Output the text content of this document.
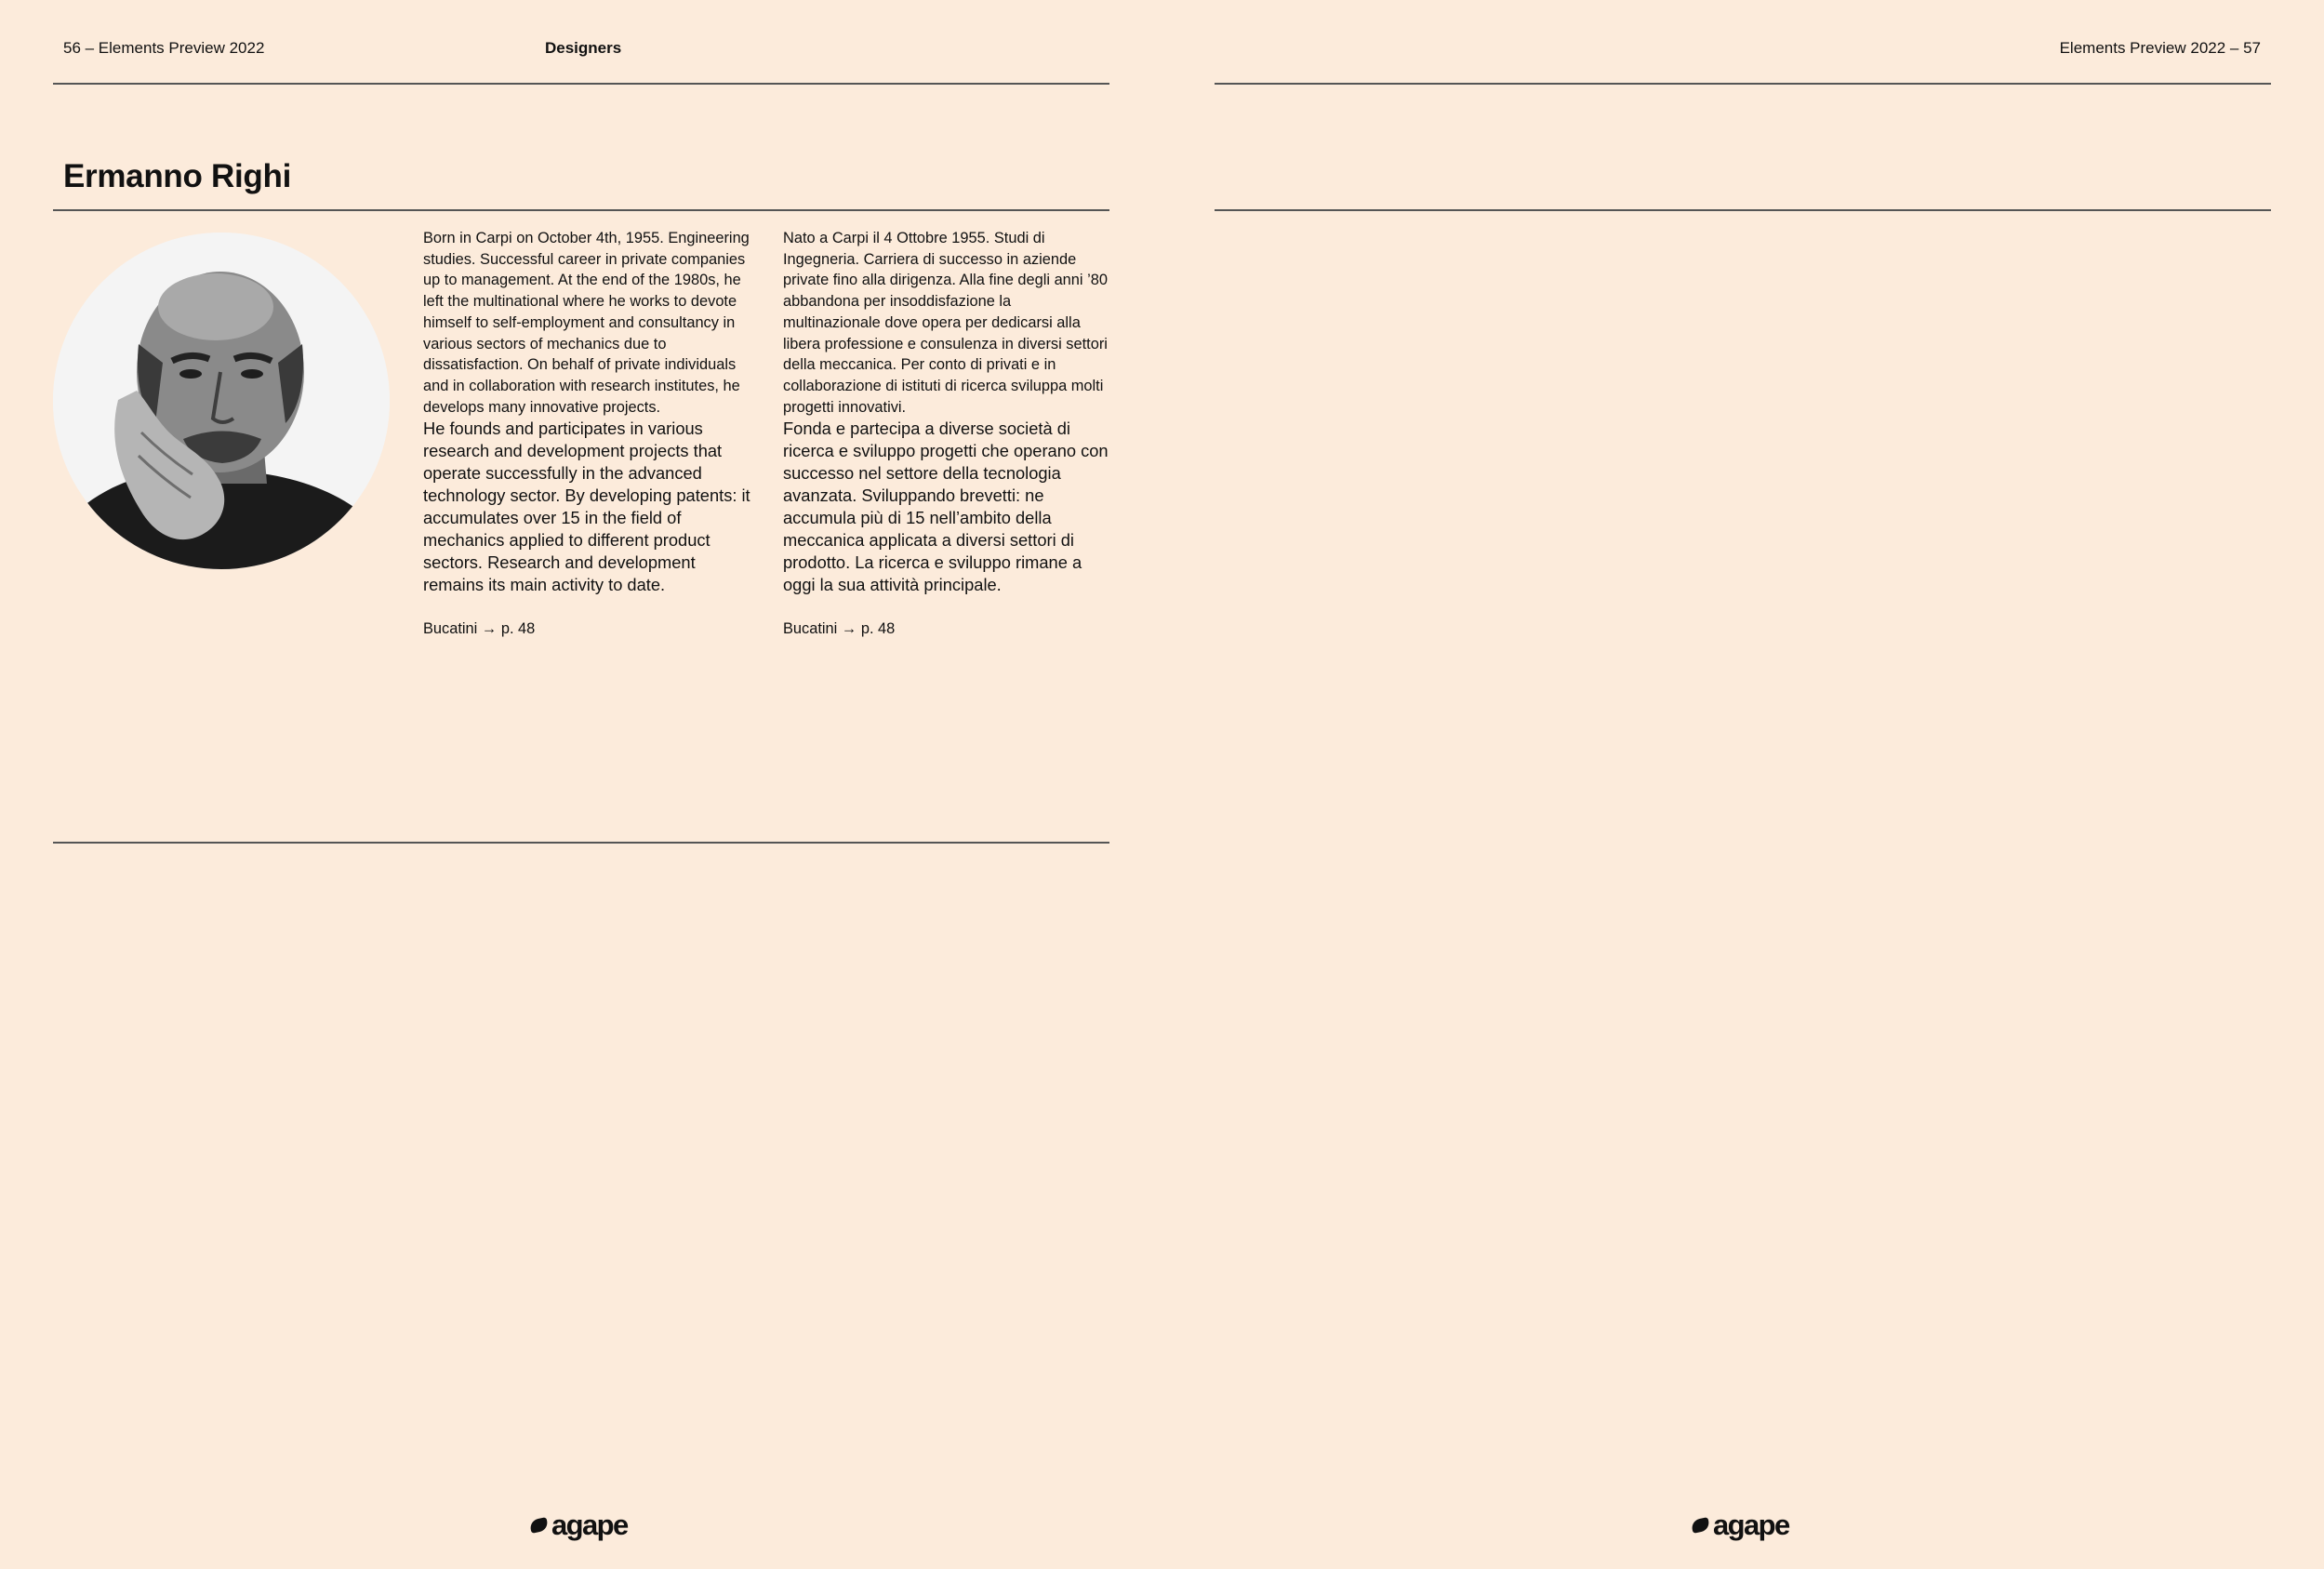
56 – Elements Preview 2022	Designers
Ermanno Righi

Born in Carpi on October 4th, 1955. Engineering studies. Successful career in private companies up to management. At the end of the 1980s, he left the multinational where he works to devote himself to self-employment and consultancy in various sectors of mechanics due to dissatisfaction. On behalf of private individuals and in collaboration with research institutes, he develops many innovative projects.

He founds and participates in various research and development projects that operate successfully in the advanced technology sector. By developing patents: it accumulates over 15 in the field of mechanics applied to different product sectors. Research and development remains its main activity to date.

Bucatini → p. 48

Nato a Carpi il 4 Ottobre 1955. Studi di Ingegneria. Carriera di successo in aziende private fino alla dirigenza. Alla fine degli anni ’80 abbandona per insoddisfazione la multinazionale dove opera per dedicarsi alla libera professione e consulenza in diversi settori della meccanica. Per conto di privati e in collaborazione di istituti di ricerca sviluppa molti progetti innovativi.

Fonda e partecipa a diverse società di ricerca e sviluppo progetti che operano con successo nel settore della tecnologia avanzata. Sviluppando brevetti: ne accumula più di 15 nell’ambito della meccanica applicata a diversi settori di prodotto. La ricerca e sviluppo rimane a oggi la sua attività principale.

Bucatini → p. 48

agape
Elements Preview 2022 – 57
agape
